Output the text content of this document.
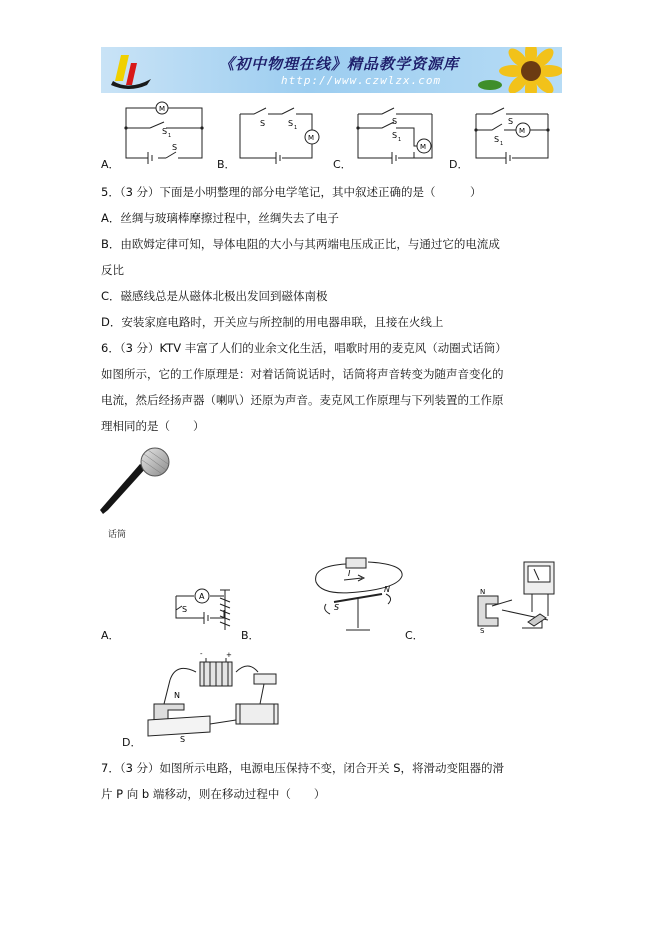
《初中物理在线》精品教学资源库
http://www.czwlzx.com
A．	B．	C．	D．
M
S 1
S
M
S	S 1
M
S
S 1
M
S
S 1
5．（3 分）下面是小明整理的部分电学笔记，其中叙述正确的是（　　　）
A．丝绸与玻璃棒摩擦过程中，丝绸失去了电子
B．由欧姆定律可知，导体电阻的大小与其两端电压成正比，与通过它的电流成
反比
C．磁感线总是从磁体北极出发回到磁体南极
D．安装家庭电路时，开关应与所控制的用电器串联，且接在火线上
6．（3 分）KTV 丰富了人们的业余文化生活，唱歌时用的麦克风（动圈式话筒）
如图所示，它的工作原理是：对着话筒说话时，话筒将声音转变为随声音变化的
电流，然后经扬声器（喇叭）还原为声音。麦克风工作原理与下列装置的工作原
理相同的是（　　）
话筒
A．
A
S
B．
I
S
N
C．
N
S
-	+
N
S
D．
7．（3 分）如图所示电路，电源电压保持不变，闭合开关 S，将滑动变阻器的滑
片 P 向 b 端移动，则在移动过程中（　　）
